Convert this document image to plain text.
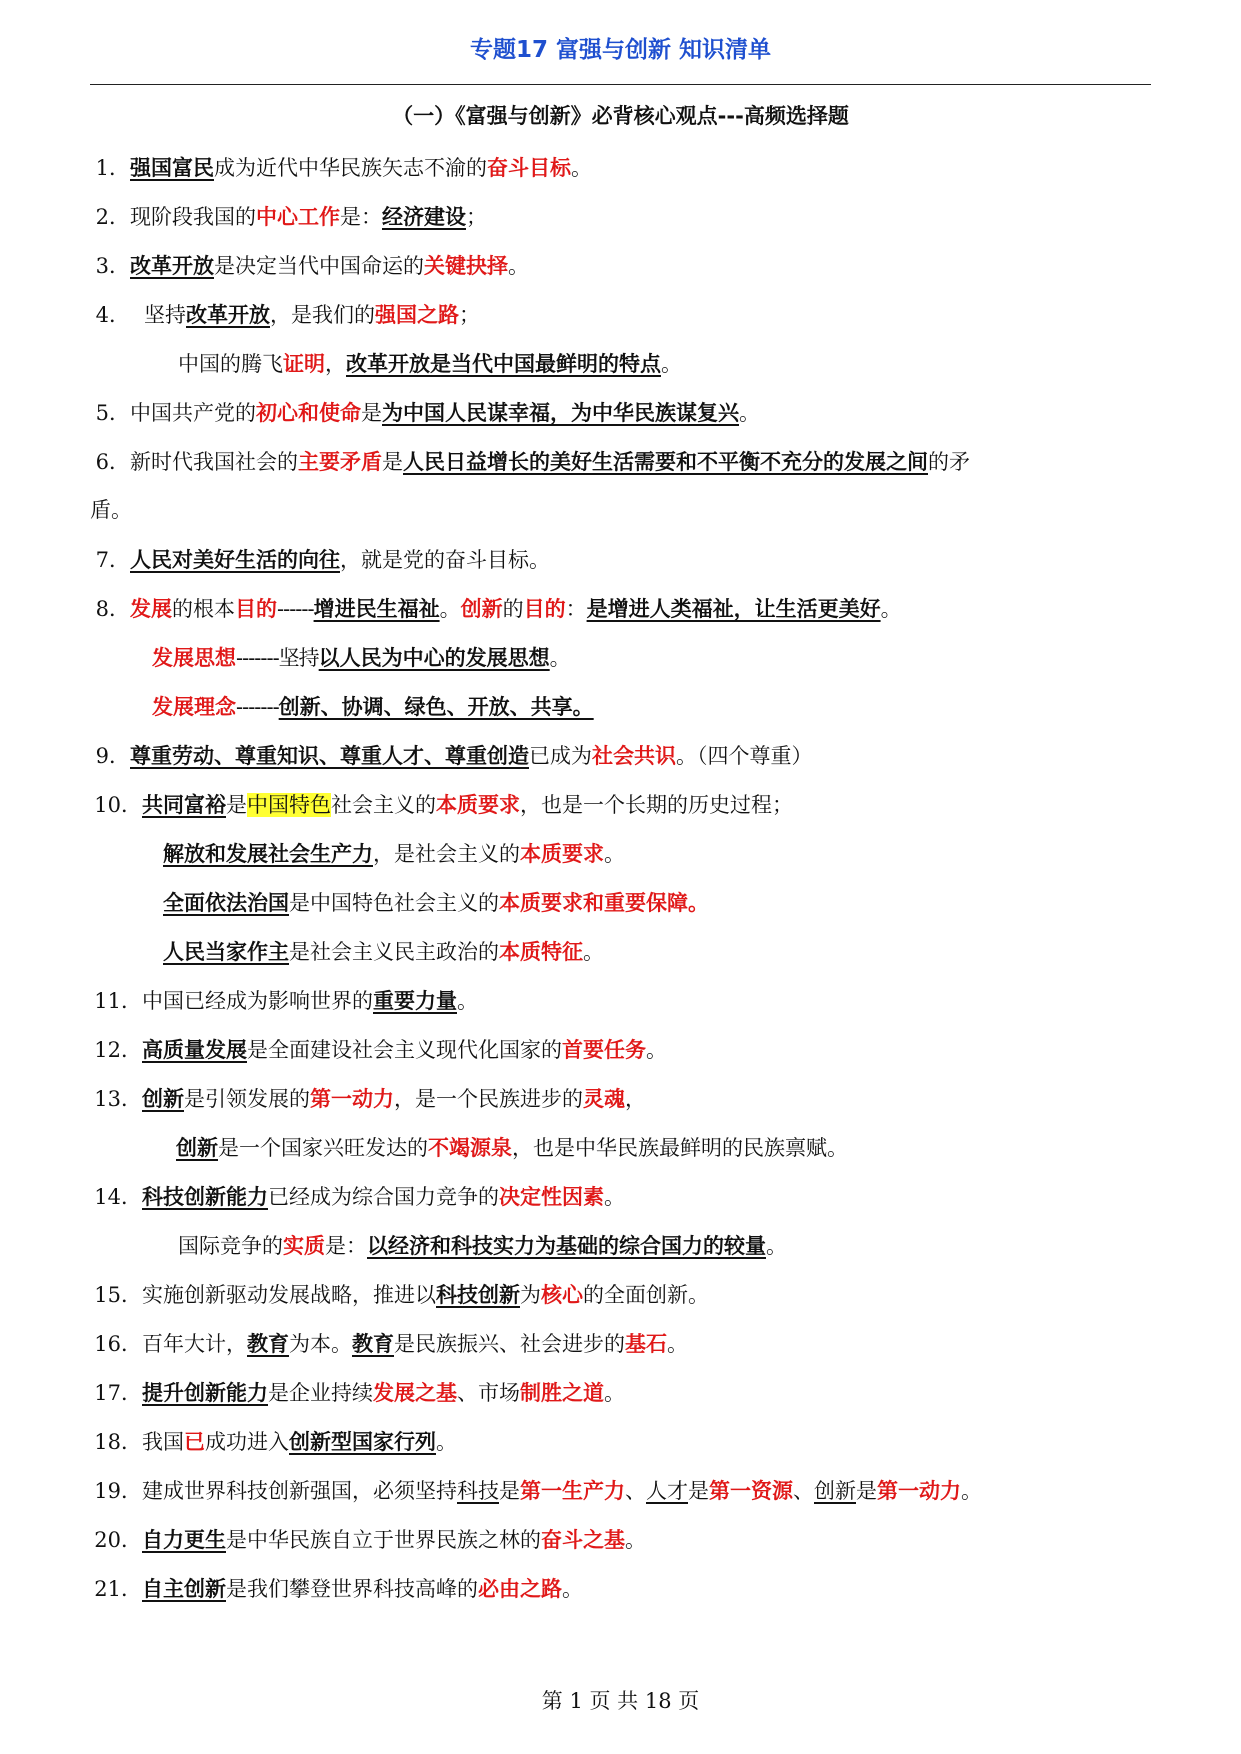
专题17 富强与创新 知识清单
（一）《富强与创新》必背核心观点---高频选择题
1．强国富民成为近代中华民族矢志不渝的奋斗目标。
2．现阶段我国的中心工作是：经济建设；
3．改革开放是决定当代中国命运的关键抉择。
4． 坚持改革开放，是我们的强国之路；
中国的腾飞证明，改革开放是当代中国最鲜明的特点。
5．中国共产党的初心和使命是为中国人民谋幸福，为中华民族谋复兴。
6．新时代我国社会的主要矛盾是人民日益增长的美好生活需要和不平衡不充分的发展之间的矛
盾。
7．人民对美好生活的向往，就是党的奋斗目标。
8．发展的根本目的------增进民生福祉。创新的目的：是增进人类福祉，让生活更美好。
发展思想-------坚持以人民为中心的发展思想。
发展理念-------创新、协调、绿色、开放、共享。
9．尊重劳动、尊重知识、尊重人才、尊重创造已成为社会共识。（四个尊重）
10．共同富裕是中国特色社会主义的本质要求，也是一个长期的历史过程；
解放和发展社会生产力，是社会主义的本质要求。
全面依法治国是中国特色社会主义的本质要求和重要保障。
人民当家作主是社会主义民主政治的本质特征。
11．中国已经成为影响世界的重要力量。
12．高质量发展是全面建设社会主义现代化国家的首要任务。
13．创新是引领发展的第一动力，是一个民族进步的灵魂，
创新是一个国家兴旺发达的不竭源泉，也是中华民族最鲜明的民族禀赋。
14．科技创新能力已经成为综合国力竞争的决定性因素。
国际竞争的实质是：以经济和科技实力为基础的综合国力的较量。
15．实施创新驱动发展战略，推进以科技创新为核心的全面创新。
16．百年大计，教育为本。教育是民族振兴、社会进步的基石。
17．提升创新能力是企业持续发展之基、市场制胜之道。
18．我国已成功进入创新型国家行列。
19．建成世界科技创新强国，必须坚持科技是第一生产力、人才是第一资源、创新是第一动力。
20．自力更生是中华民族自立于世界民族之林的奋斗之基。
21．自主创新是我们攀登世界科技高峰的必由之路。
第 1 页 共 18 页
